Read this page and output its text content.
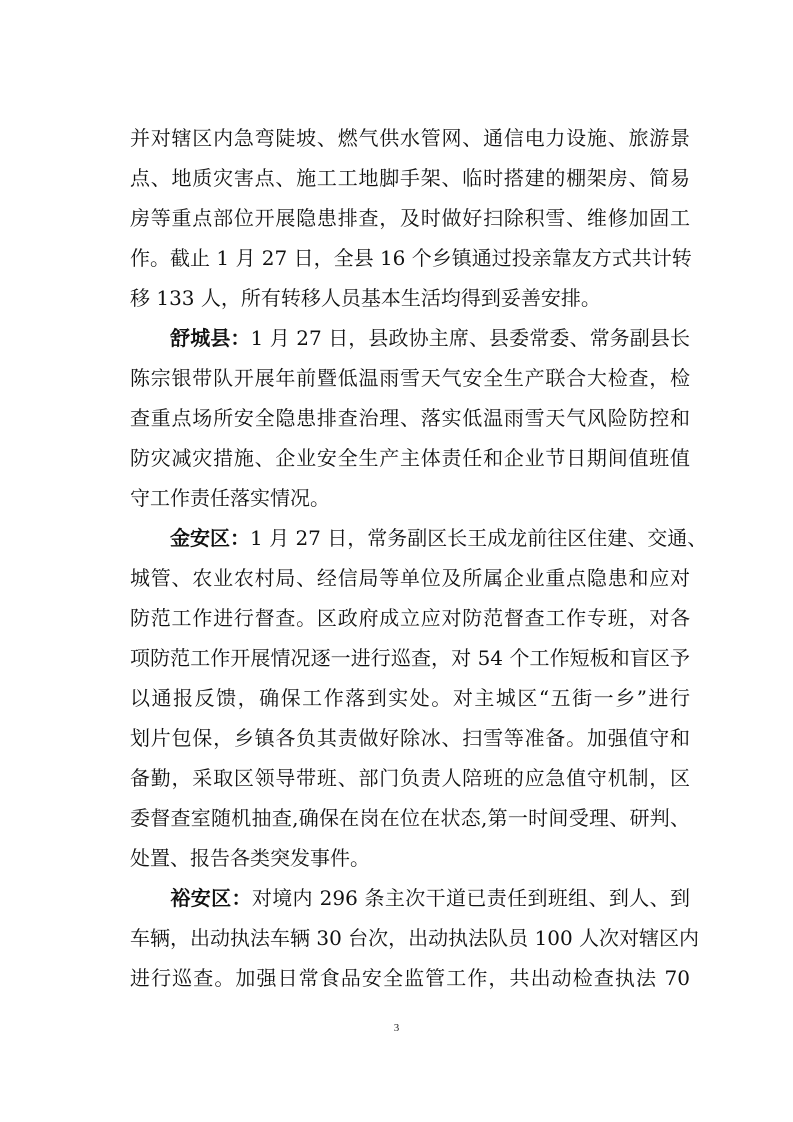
并对辖区内急弯陡坡、燃气供水管网、通信电力设施、旅游景
点、地质灾害点、施工工地脚手架、临时搭建的棚架房、简易
房等重点部位开展隐患排查，及时做好扫除积雪、维修加固工
作。截止 1 月 27 日，全县 16 个乡镇通过投亲靠友方式共计转
移 133 人，所有转移人员基本生活均得到妥善安排。
  舒城县：1 月 27 日，县政协主席、县委常委、常务副县长
陈宗银带队开展年前暨低温雨雪天气安全生产联合大检查，检
查重点场所安全隐患排查治理、落实低温雨雪天气风险防控和
防灾减灾措施、企业安全生产主体责任和企业节日期间值班值
守工作责任落实情况。
  金安区：1 月 27 日，常务副区长王成龙前往区住建、交通、
城管、农业农村局、经信局等单位及所属企业重点隐患和应对
防范工作进行督查。区政府成立应对防范督查工作专班，对各
项防范工作开展情况逐一进行巡查，对 54 个工作短板和盲区予
以通报反馈，确保工作落到实处。对主城区“五街一乡”进行
划片包保，乡镇各负其责做好除冰、扫雪等准备。加强值守和
备勤，采取区领导带班、部门负责人陪班的应急值守机制，区
委督查室随机抽查,确保在岗在位在状态,第一时间受理、研判、
处置、报告各类突发事件。
  裕安区：对境内 296 条主次干道已责任到班组、到人、到
车辆，出动执法车辆 30 台次，出动执法队员 100 人次对辖区内
进行巡查。加强日常食品安全监管工作，共出动检查执法 70
3
